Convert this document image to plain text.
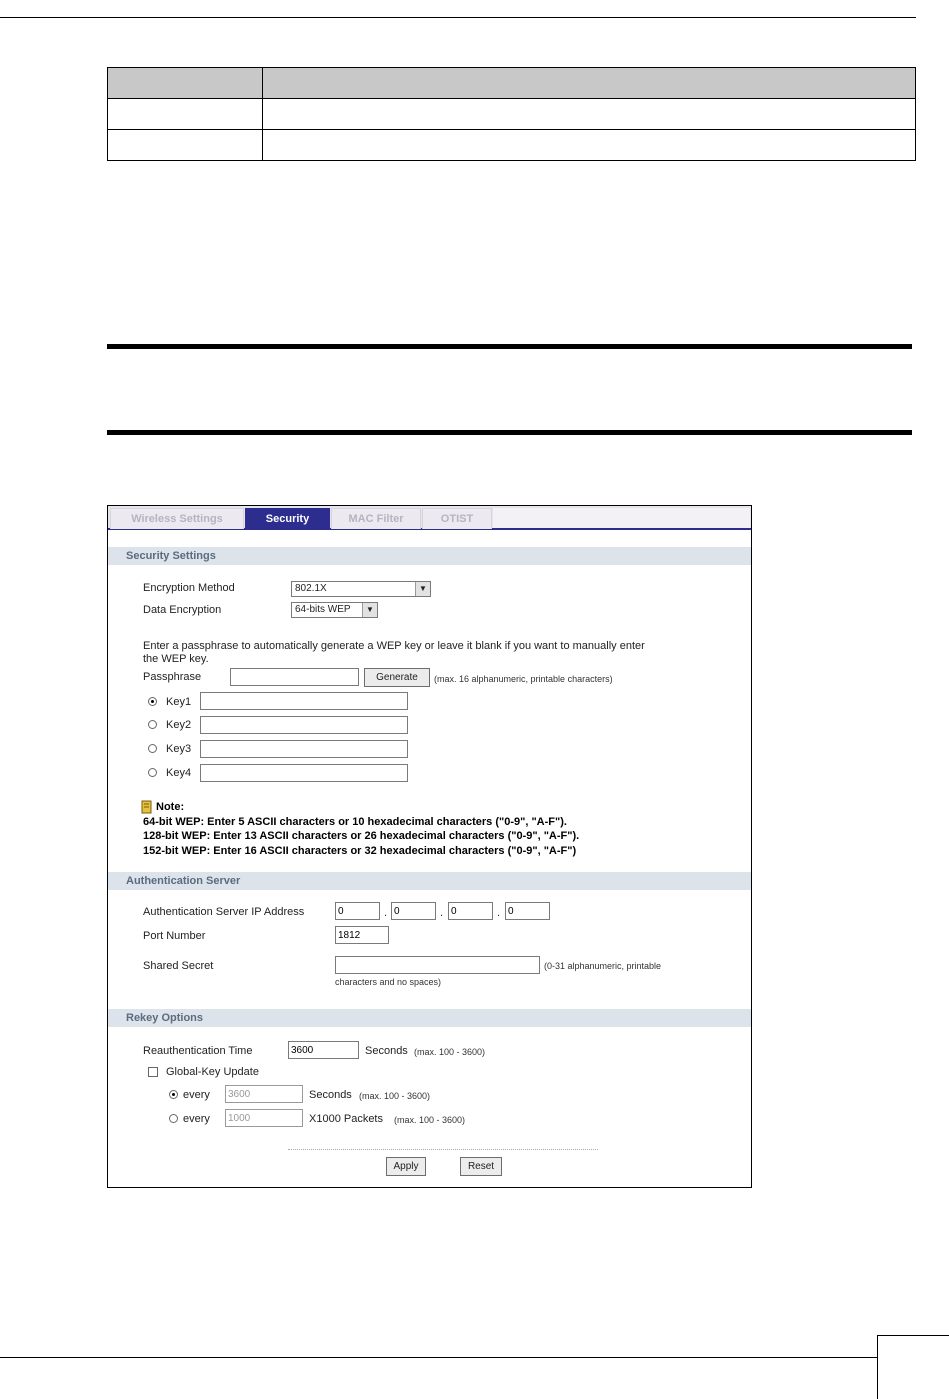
Wireless Settings	Security	MAC Filter	OTIST
Security Settings
Encryption Method	802.1X	▼
Data Encryption	64-bits WEP	▼
Enter a passphrase to automatically generate a WEP key or leave it blank if you want to manually enter
the WEP key.
Passphrase	Generate	(max. 16 alphanumeric, printable characters)
Key1
Key2
Key3
Key4
Note:
64-bit WEP: Enter 5 ASCII characters or 10 hexadecimal characters ("0-9", "A-F").
128-bit WEP: Enter 13 ASCII characters or 26 hexadecimal characters ("0-9", "A-F").
152-bit WEP: Enter 16 ASCII characters or 32 hexadecimal characters ("0-9", "A-F")
Authentication Server
Authentication Server IP Address	0	. 0	. 0	. 0
Port Number	1812
Shared Secret	(0-31 alphanumeric, printable
characters and no spaces)
Rekey Options
Reauthentication Time	3600	Seconds (max. 100 - 3600)
Global-Key Update
every	3600	Seconds (max. 100 - 3600)
every	1000	X1000 Packets (max. 100 - 3600)
Apply	Reset
